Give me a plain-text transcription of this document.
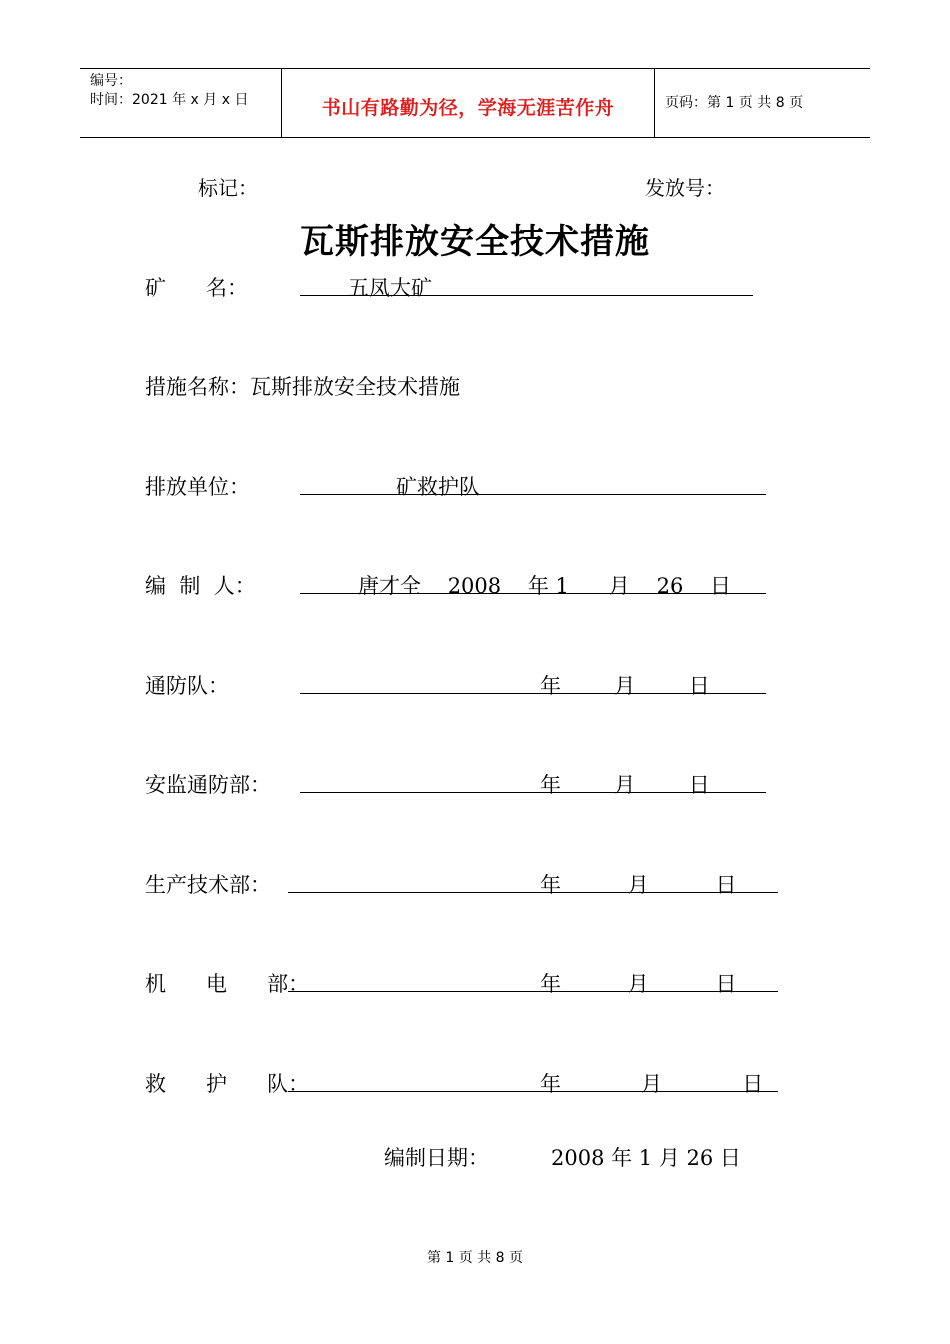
编号：
时间：2021 年 x 月 x 日	书山有路勤为径，学海无涯苦作舟	页码：第 1 页 共 8 页
标记：	发放号：
瓦斯排放安全技术措施
矿      名：	五凤大矿
措施名称：瓦斯排放安全技术措施
排放单位：	矿救护队
编  制  人：	唐才全    2008    年 1      月    26    日
通防队：	年        月        日
安监通防部：	年        月        日
生产技术部：	年          月          日
机      电      部：	年          月          日
救      护      队：	年            月            日
编制日期：	2008 年 1 月 26 日
第 1 页 共 8 页
